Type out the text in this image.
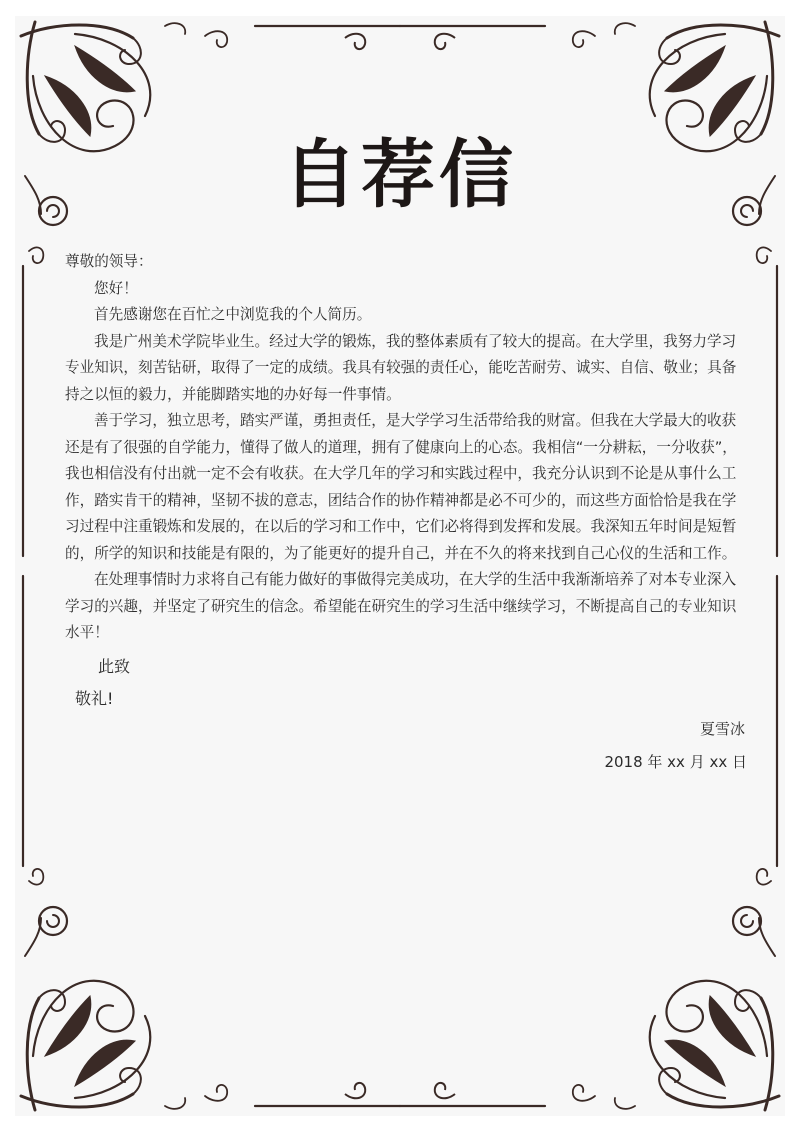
自荐信

尊敬的领导：

您好！

首先感谢您在百忙之中浏览我的个人简历。

我是广州美术学院毕业生。经过大学的锻炼，我的整体素质有了较大的提高。在大学里，我努力学习专业知识，刻苦钻研，取得了一定的成绩。我具有较强的责任心，能吃苦耐劳、诚实、自信、敬业；具备持之以恒的毅力，并能脚踏实地的办好每一件事情。

善于学习，独立思考，踏实严谨，勇担责任，是大学学习生活带给我的财富。但我在大学最大的收获还是有了很强的自学能力，懂得了做人的道理，拥有了健康向上的心态。我相信“一分耕耘，一分收获”，我也相信没有付出就一定不会有收获。在大学几年的学习和实践过程中，我充分认识到不论是从事什么工作，踏实肯干的精神，坚韧不拔的意志，团结合作的协作精神都是必不可少的，而这些方面恰恰是我在学习过程中注重锻炼和发展的，在以后的学习和工作中，它们必将得到发挥和发展。我深知五年时间是短暂的，所学的知识和技能是有限的，为了能更好的提升自己，并在不久的将来找到自己心仪的生活和工作。

在处理事情时力求将自己有能力做好的事做得完美成功，在大学的生活中我渐渐培养了对本专业深入学习的兴趣，并坚定了研究生的信念。希望能在研究生的学习生活中继续学习，不断提高自己的专业知识水平！

此致
敬礼!
夏雪冰
2018 年 xx 月 xx 日
